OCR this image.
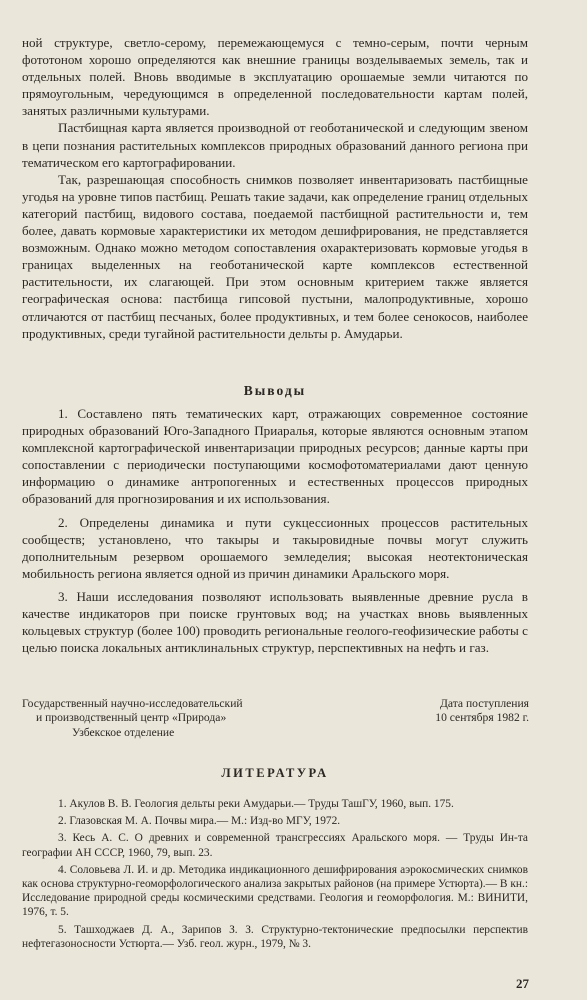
ной структуре, светло-серому, перемежающемуся с темно-серым, почти черным фототоном хорошо определяются как внешние границы возделываемых земель, так и отдельных полей. Вновь вводимые в эксплуатацию орошаемые земли читаются по прямоугольным, чередующимся в определенной последовательности картам полей, занятых различными культурами.

Пастбищная карта является производной от геоботанической и следующим звеном в цепи познания растительных комплексов природных образований данного региона при тематическом его картографировании.

Так, разрешающая способность снимков позволяет инвентаризовать пастбищные угодья на уровне типов пастбищ. Решать такие задачи, как определение границ отдельных категорий пастбищ, видового состава, поедаемой пастбищной растительности и, тем более, давать кормовые характеристики их методом дешифрирования, не представляется возможным. Однако можно методом сопоставления охарактеризовать кормовые угодья в границах выделенных на геоботанической карте комплексов естественной растительности, их слагающей. При этом основным критерием также является географическая основа: пастбища гипсовой пустыни, малопродуктивные, хорошо отличаются от пастбищ песчаных, более продуктивных, и тем более сенокосов, наиболее продуктивных, среди тугайной растительности дельты р. Амударьи.

Выводы

1. Составлено пять тематических карт, отражающих современное состояние природных образований Юго-Западного Приаралья, которые являются основным этапом комплексной картографической инвентаризации природных ресурсов; данные карты при сопоставлении с периодически поступающими космофотоматериалами дают ценную информацию о динамике антропогенных и естественных процессов природных образований для прогнозирования и их использования.

2. Определены динамика и пути сукцессионных процессов растительных сообществ; установлено, что такыры и такыровидные почвы могут служить дополнительным резервом орошаемого земледелия; высокая неотектоническая мобильность региона является одной из причин динамики Аральского моря.

3. Наши исследования позволяют использовать выявленные древние русла в качестве индикаторов при поиске грунтовых вод; на участках вновь выявленных кольцевых структур (более 100) проводить региональные геолого-геофизические работы с целью поиска локальных антиклинальных структур, перспективных на нефть и газ.

Государственный научно-исследовательский
и производственный центр «Природа»
Узбекское отделение
Дата поступления
10 сентября 1982 г.
ЛИТЕРАТУРА

1. Акулов В. В. Геология дельты реки Амударьи.— Труды ТашГУ, 1960, вып. 175.

2. Глазовская М. А. Почвы мира.— М.: Изд-во МГУ, 1972.

3. Кесь А. С. О древних и современной трансгрессиях Аральского моря. — Труды Ин-та географии АН СССР, 1960, 79, вып. 23.

4. Соловьева Л. И. и др. Методика индикационного дешифрирования аэрокосмических снимков как основа структурно-геоморфологического анализа закрытых районов (на примере Устюрта).— В кн.: Исследование природной среды космическими средствами. Геология и геоморфология. М.: ВИНИТИ, 1976, т. 5.

5. Ташходжаев Д. А., Зарипов З. З. Структурно-тектонические предпосылки перспектив нефтегазоносности Устюрта.— Узб. геол. журн., 1979, № 3.

27
